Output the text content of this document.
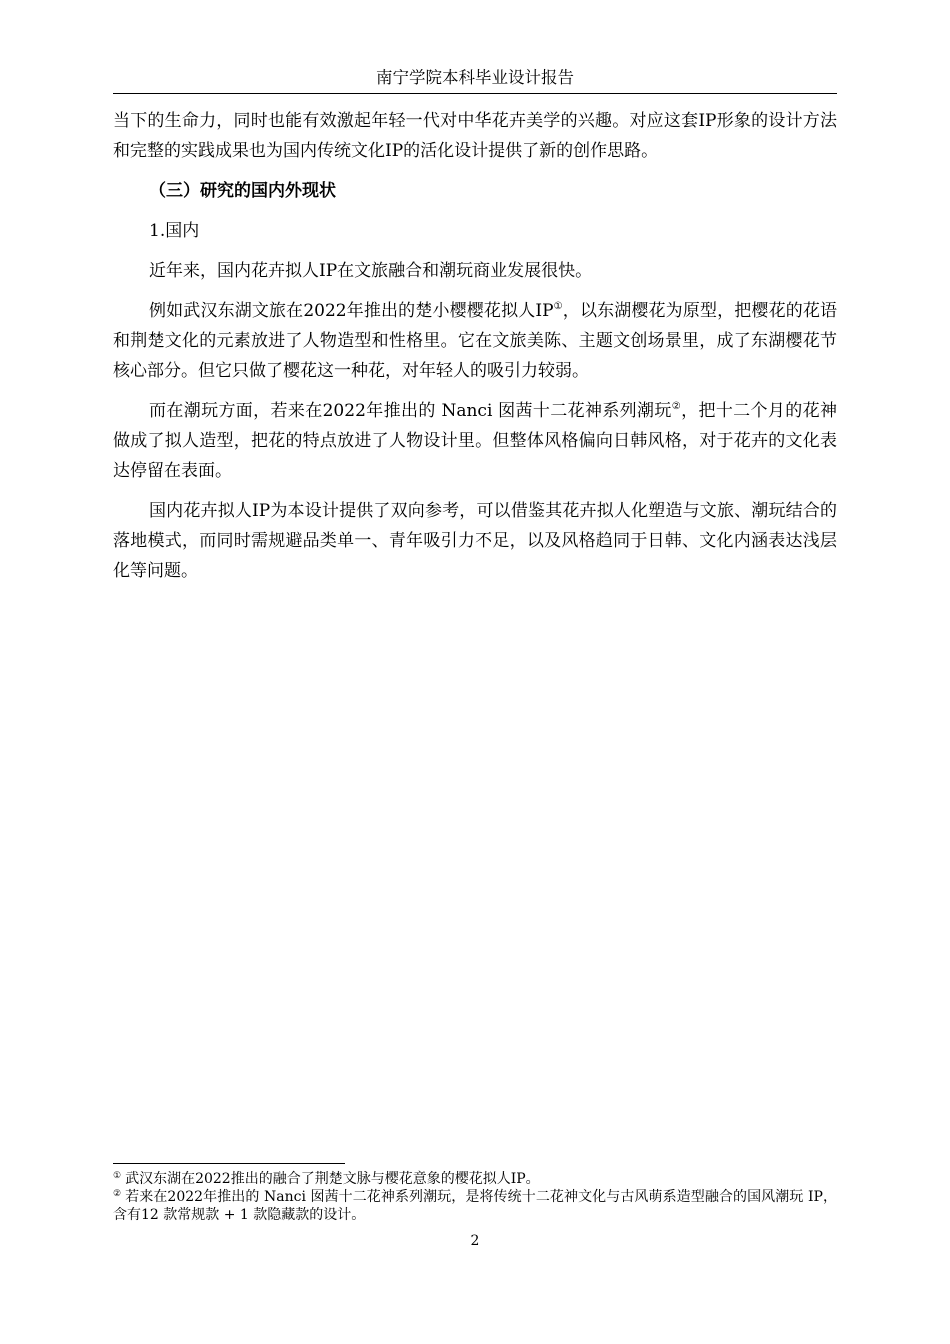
南宁学院本科毕业设计报告

当下的生命力，同时也能有效激起年轻一代对中华花卉美学的兴趣。对应这套IP形象的设计方法和完整的实践成果也为国内传统文化IP的活化设计提供了新的创作思路。

（三）研究的国内外现状

1.国内

近年来，国内花卉拟人IP在文旅融合和潮玩商业发展很快。

例如武汉东湖文旅在2022年推出的楚小樱樱花拟人IP①，以东湖樱花为原型，把樱花的花语和荆楚文化的元素放进了人物造型和性格里。它在文旅美陈、主题文创场景里，成了东湖樱花节核心部分。但它只做了樱花这一种花，对年轻人的吸引力较弱。

而在潮玩方面，若来在2022年推出的 Nanci 囡茜十二花神系列潮玩②，把十二个月的花神做成了拟人造型，把花的特点放进了人物设计里。但整体风格偏向日韩风格，对于花卉的文化表达停留在表面。

国内花卉拟人IP为本设计提供了双向参考，可以借鉴其花卉拟人化塑造与文旅、潮玩结合的落地模式，而同时需规避品类单一、青年吸引力不足，以及风格趋同于日韩、文化内涵表达浅层化等问题。

① 武汉东湖在2022推出的融合了荆楚文脉与樱花意象的樱花拟人IP。

② 若来在2022年推出的 Nanci 囡茜十二花神系列潮玩，是将传统十二花神文化与古风萌系造型融合的国风潮玩 IP，含有12 款常规款 + 1 款隐藏款的设计。

2
